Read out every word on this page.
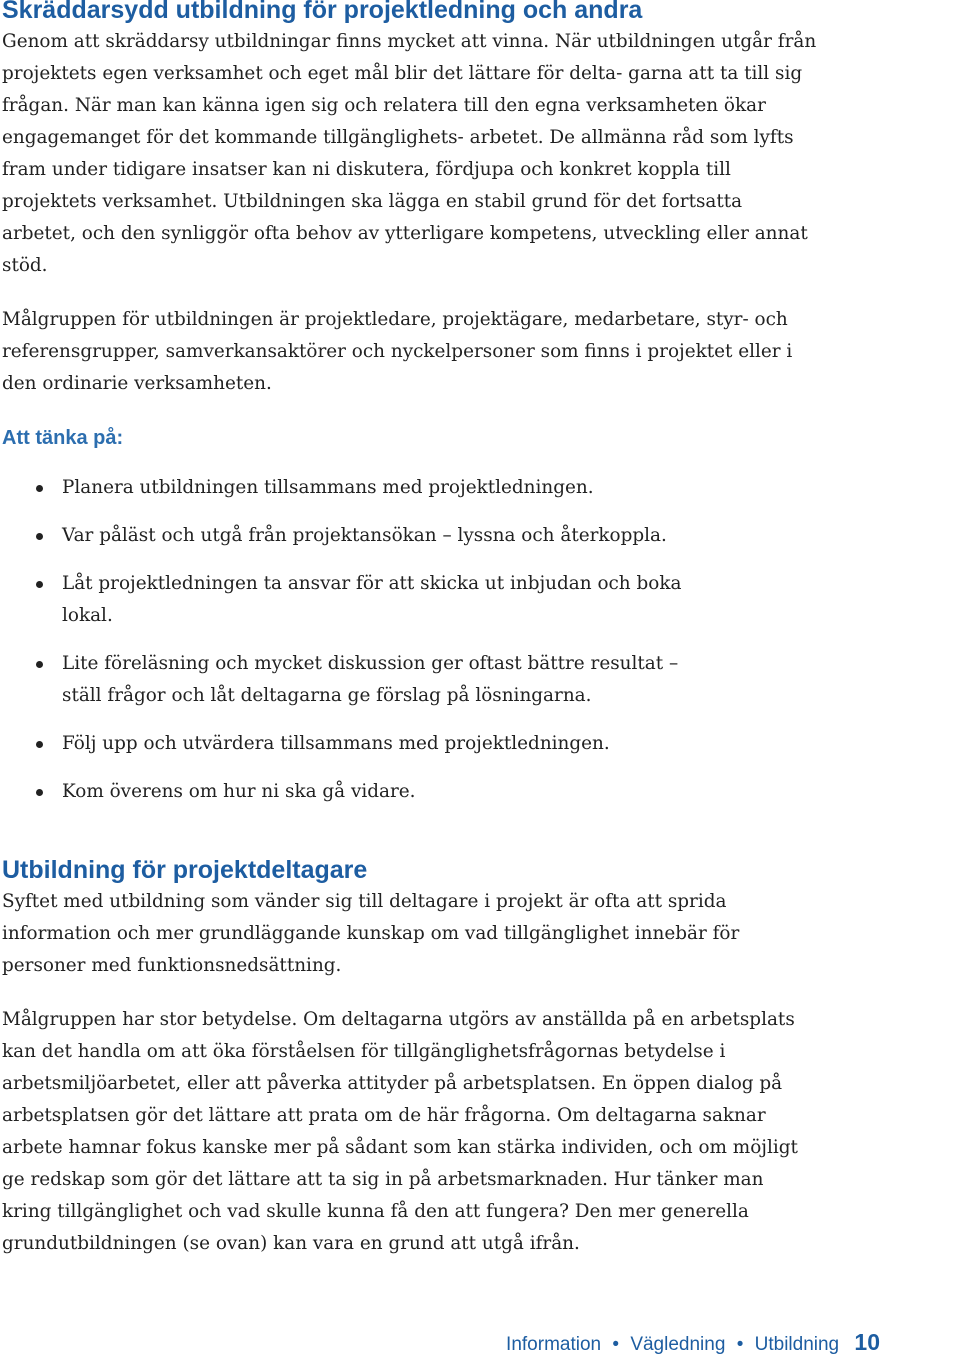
Skräddarsydd utbildning för projektledning och andra

Genom att skräddarsy utbildningar finns mycket att vinna. När utbildningen utgår från projektets egen verksamhet och eget mål blir det lättare för delta- garna att ta till sig frågan. När man kan känna igen sig och relatera till den egna verksamheten ökar engagemanget för det kommande tillgänglighets- arbetet. De allmänna råd som lyfts fram under tidigare insatser kan ni diskutera, fördjupa och konkret koppla till projektets verksamhet. Utbildningen ska lägga en stabil grund för det fortsatta arbetet, och den synliggör ofta behov av ytterligare kompetens, utveckling eller annat stöd.

Målgruppen för utbildningen är projektledare, projektägare, medarbetare, styr- och referensgrupper, samverkansaktörer och nyckelpersoner som finns i projektet eller i den ordinarie verksamheten.

Att tänka på:
Planera utbildningen tillsammans med projektledningen.
Var påläst och utgå från projektansökan – lyssna och återkoppla.
Låt projektledningen ta ansvar för att skicka ut inbjudan och boka lokal.
Lite föreläsning och mycket diskussion ger oftast bättre resultat – ställ frågor och låt deltagarna ge förslag på lösningarna.
Följ upp och utvärdera tillsammans med projektledningen.
Kom överens om hur ni ska gå vidare.
Utbildning för projektdeltagare

Syftet med utbildning som vänder sig till deltagare i projekt är ofta att sprida information och mer grundläggande kunskap om vad tillgänglighet innebär för personer med funktionsnedsättning.

Målgruppen har stor betydelse. Om deltagarna utgörs av anställda på en arbetsplats kan det handla om att öka förståelsen för tillgänglighetsfrågornas betydelse i arbetsmiljöarbetet, eller att påverka attityder på arbetsplatsen. En öppen dialog på arbetsplatsen gör det lättare att prata om de här frågorna. Om deltagarna saknar arbete hamnar fokus kanske mer på sådant som kan stärka individen, och om möjligt ge redskap som gör det lättare att ta sig in på arbetsmarknaden. Hur tänker man kring tillgänglighet och vad skulle kunna få den att fungera? Den mer generella grundutbildningen (se ovan) kan vara en grund att utgå ifrån.

Information • Vägledning • Utbildning 10
